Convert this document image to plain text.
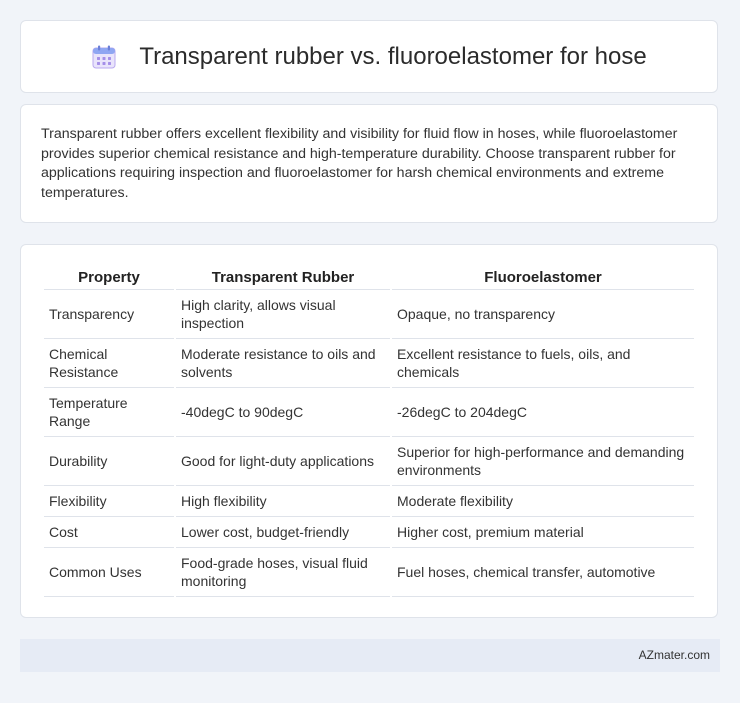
Transparent rubber vs. fluoroelastomer for hose

Transparent rubber offers excellent flexibility and visibility for fluid flow in hoses, while fluoroelastomer provides superior chemical resistance and high-temperature durability. Choose transparent rubber for applications requiring inspection and fluoroelastomer for harsh chemical environments and extreme temperatures.

Property	Transparent Rubber	Fluoroelastomer
Transparency	High clarity, allows visual inspection	Opaque, no transparency
Chemical Resistance	Moderate resistance to oils and solvents	Excellent resistance to fuels, oils, and chemicals
Temperature Range	-40degC to 90degC	-26degC to 204degC
Durability	Good for light-duty applications	Superior for high-performance and demanding environments
Flexibility	High flexibility	Moderate flexibility
Cost	Lower cost, budget-friendly	Higher cost, premium material
Common Uses	Food-grade hoses, visual fluid monitoring	Fuel hoses, chemical transfer, automotive
AZmater.com
